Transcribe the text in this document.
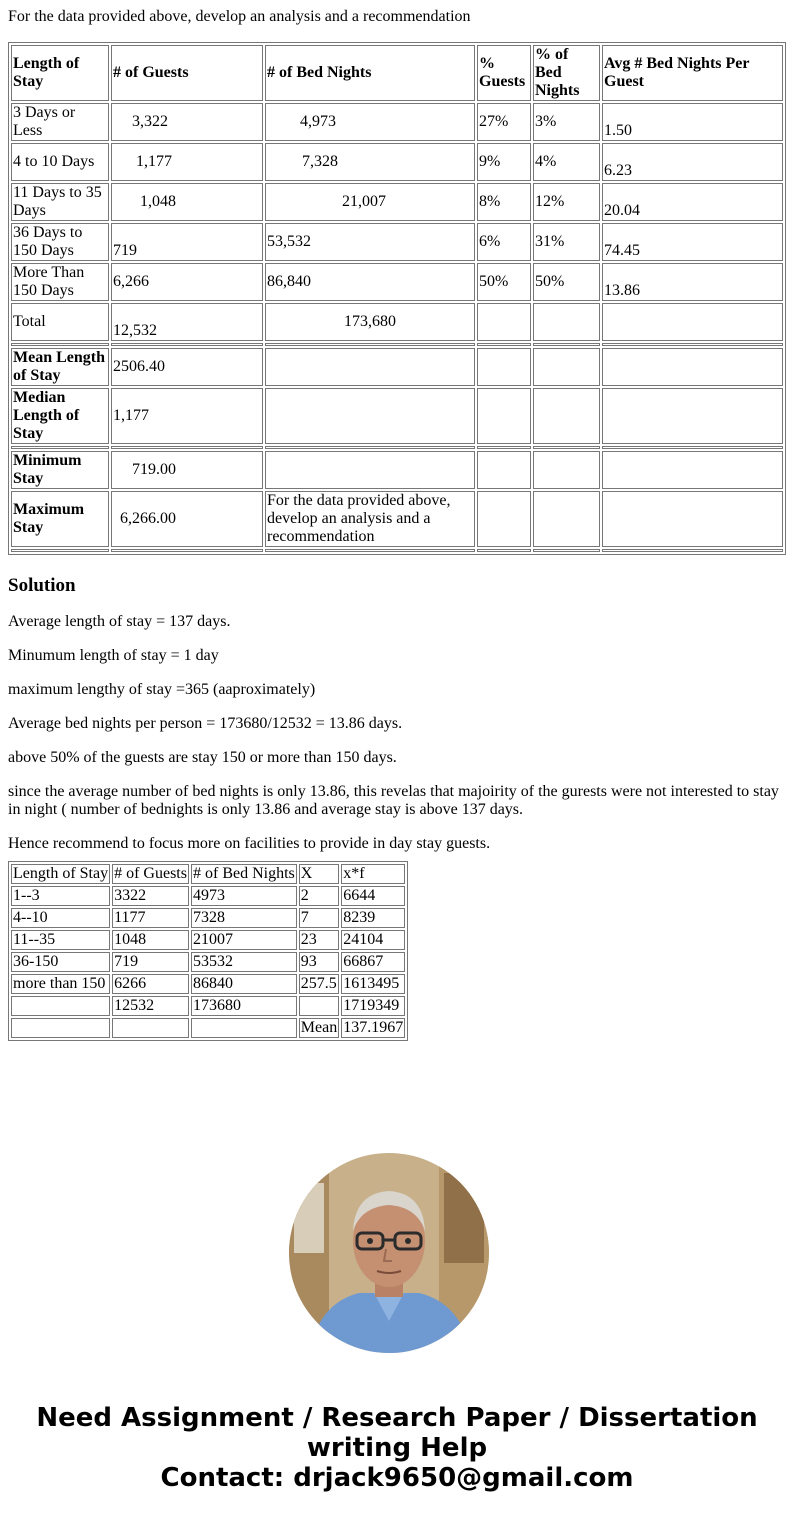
For the data provided above, develop an analysis and a recommendation

Length of Stay	# of Guests	# of Bed Nights	% Guests	% of Bed Nights	Avg # Bed Nights Per Guest
3 Days or Less	3,322	4,973	27%	3%	1.50
4 to 10 Days	1,177	7,328	9%	4%	6.23
11 Days to 35 Days	1,048	21,007	8%	12%	20.04
36 Days to 150 Days	719	53,532	6%	31%	74.45
More Than 150 Days	6,266	86,840	50%	50%	13.86
Total	12,532	173,680			

Mean Length of Stay	2506.40				
Median Length of Stay	1,177				

Minimum Stay	719.00				
Maximum Stay	6,266.00	For the data provided above, develop an analysis and a recommendation			

Solution

Average length of stay = 137 days.

Minumum length of stay = 1 day

maximum lengthy of stay =365 (aaproximately)

Average bed nights per person = 173680/12532 = 13.86 days.

above 50% of the guests are stay 150 or more than 150 days.

since the average number of bed nights is only 13.86, this revelas that majoirity of the gurests were not interested to stay in night ( number of bednights is only 13.86 and average stay is above 137 days.

Hence recommend to focus more on facilities to provide in day stay guests.

Length of Stay	# of Guests	# of Bed Nights	X	x*f
1--3	3322	4973	2	6644
4--10	1177	7328	7	8239
11--35	1048	21007	23	24104
36-150	719	53532	93	66867
more than 150	6266	86840	257.5	1613495
	12532	173680		1719349
			Mean	137.1967
Need Assignment / Research Paper / Dissertation writing Help
Contact: drjack9650@gmail.com
